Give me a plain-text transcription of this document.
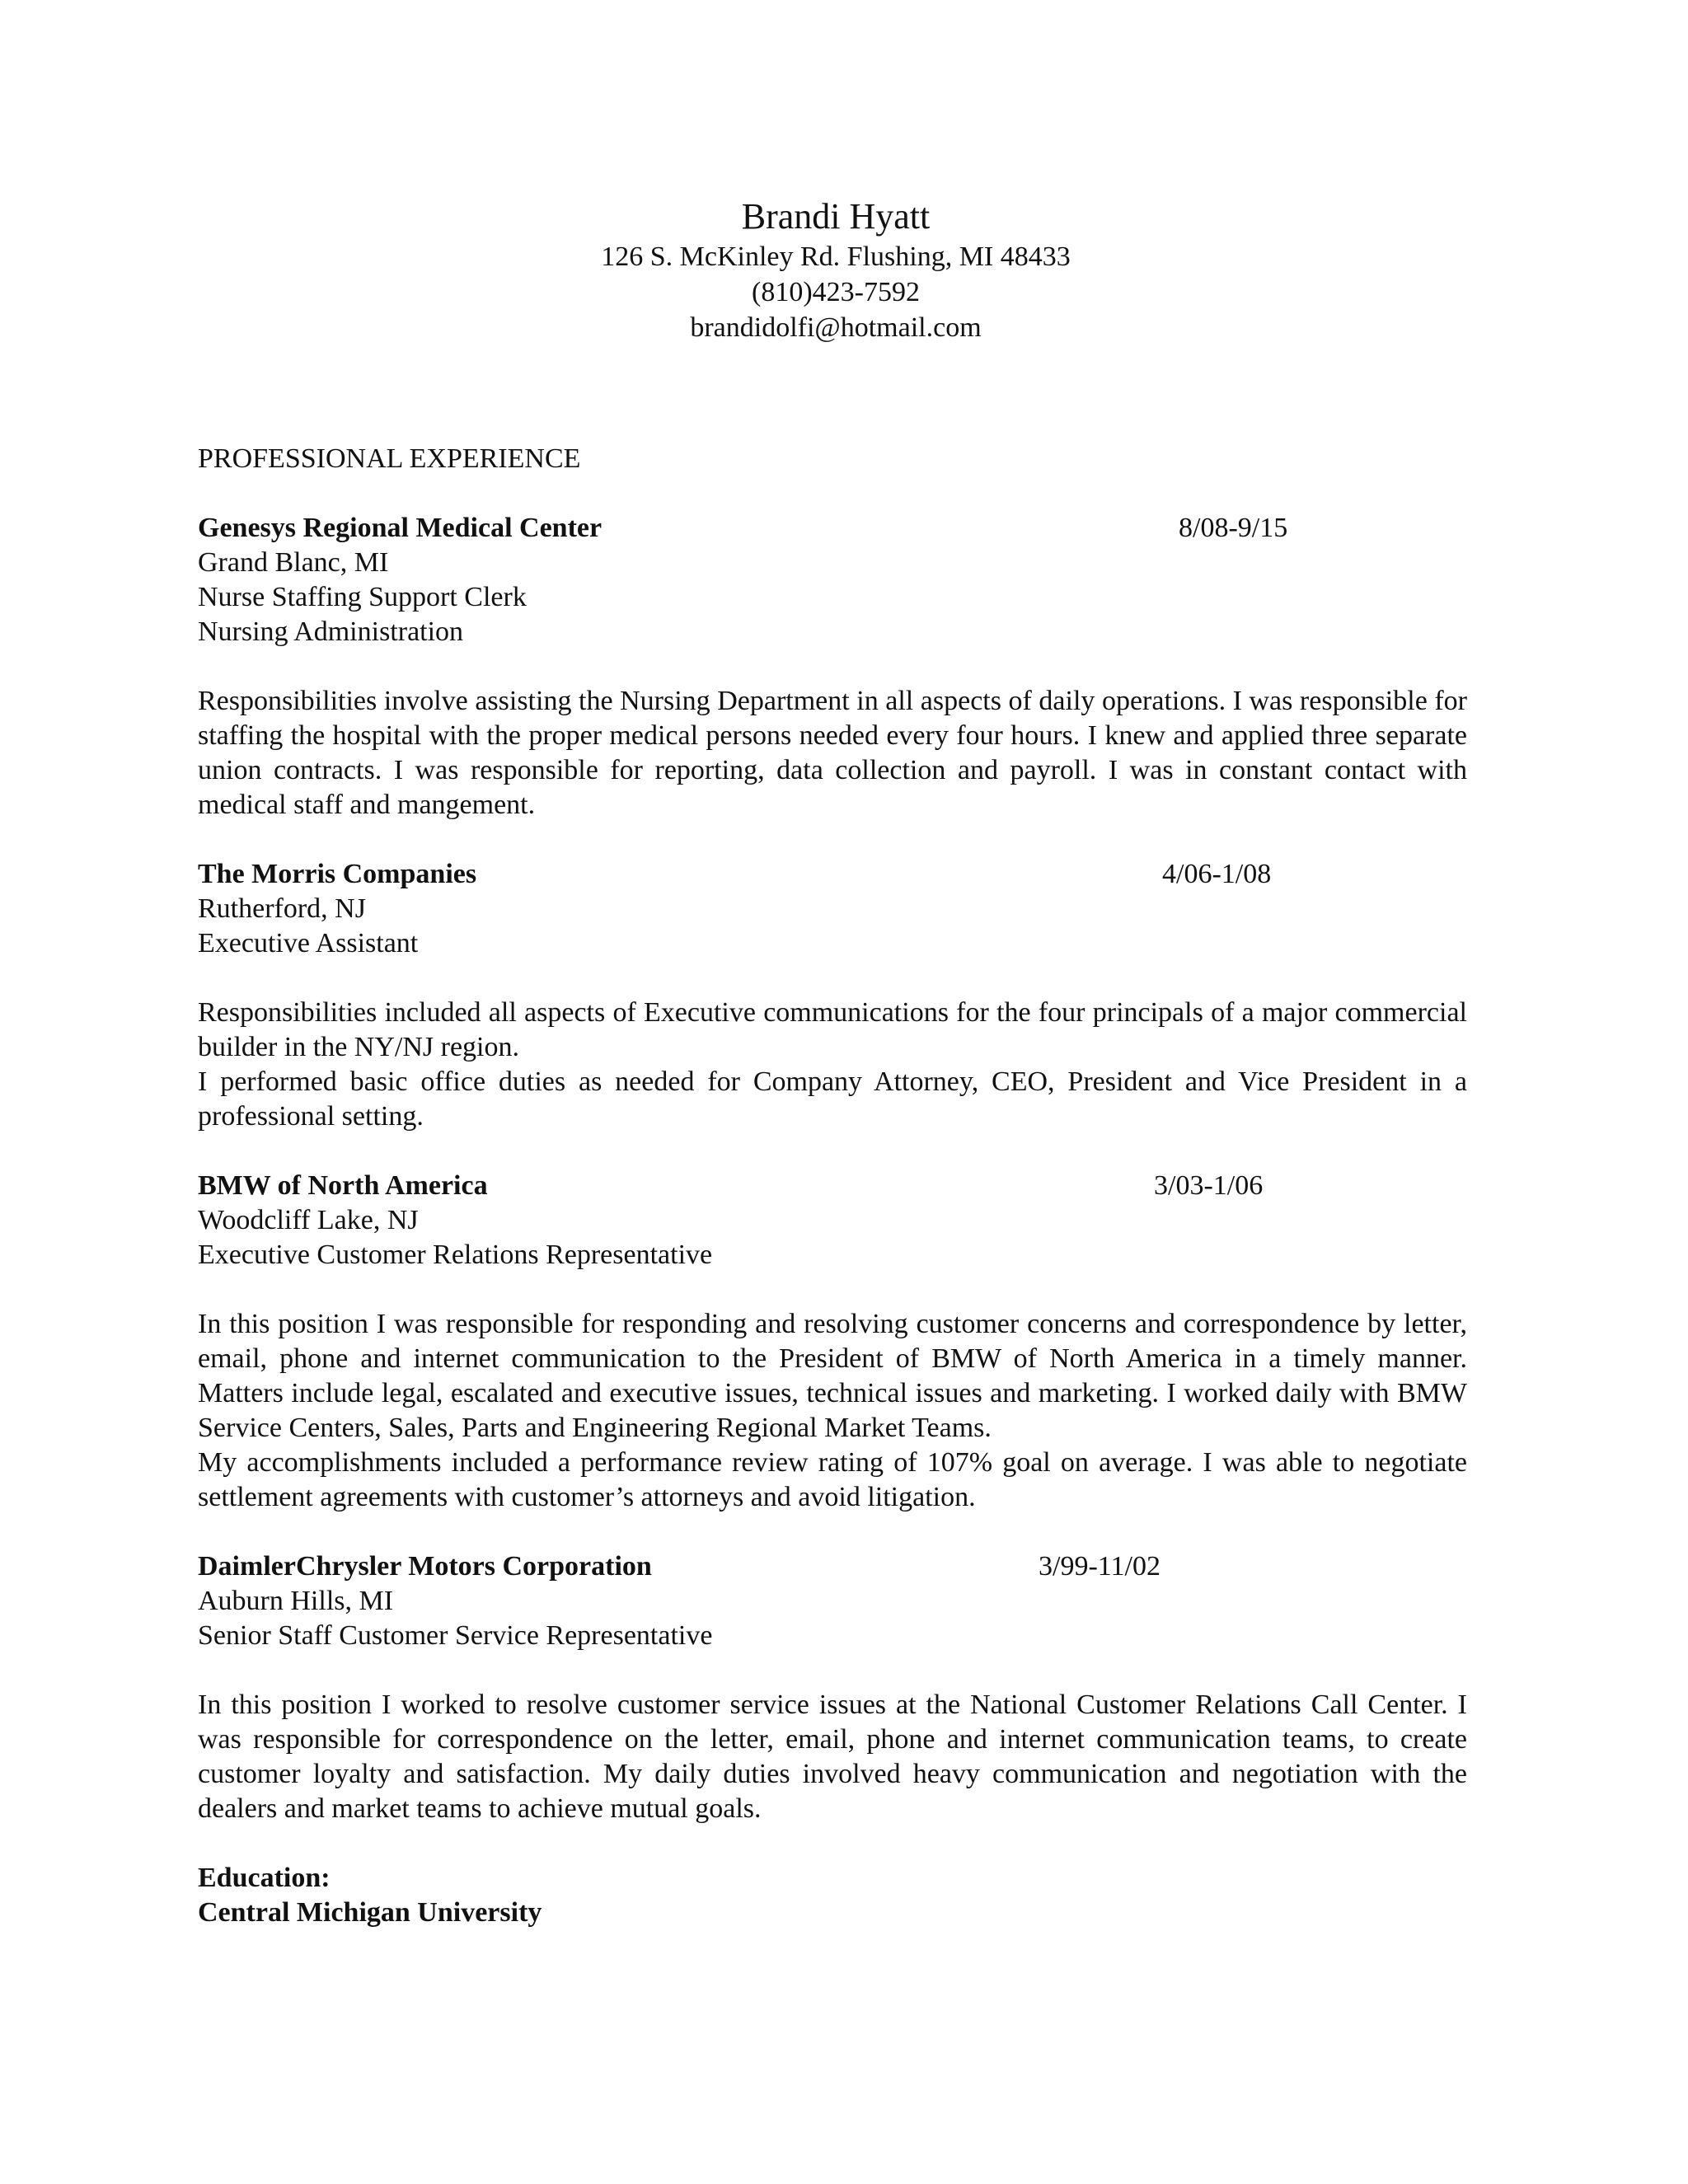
Brandi Hyatt
126 S. McKinley Rd. Flushing, MI 48433
(810)423-7592
brandidolfi@hotmail.com
PROFESSIONAL EXPERIENCE
Genesys Regional Medical Center	8/08-9/15
Grand Blanc, MI
Nurse Staffing Support Clerk
Nursing Administration

Responsibilities involve assisting the Nursing Department in all aspects of daily operations. I was responsible for staffing the hospital with the proper medical persons needed every four hours. I knew and applied three separate union contracts. I was responsible for reporting, data collection and payroll. I was in constant contact with medical staff and mangement.

The Morris Companies	4/06-1/08
Rutherford, NJ
Executive Assistant

Responsibilities included all aspects of Executive communications for the four principals of a major commercial builder in the NY/NJ region.

I performed basic office duties as needed for Company Attorney, CEO, President and Vice President in a professional setting.

BMW of North America	3/03-1/06
Woodcliff Lake, NJ
Executive Customer Relations Representative

In this position I was responsible for responding and resolving customer concerns and correspondence by letter, email, phone and internet communication to the President of BMW of North America in a timely manner. Matters include legal, escalated and executive issues, technical issues and marketing. I worked daily with BMW Service Centers, Sales, Parts and Engineering Regional Market Teams.

My accomplishments included a performance review rating of 107% goal on average. I was able to negotiate settlement agreements with customer’s attorneys and avoid litigation.

DaimlerChrysler Motors Corporation	3/99-11/02
Auburn Hills, MI
Senior Staff Customer Service Representative

In this position I worked to resolve customer service issues at the National Customer Relations Call Center. I was responsible for correspondence on the letter, email, phone and internet communication teams, to create customer loyalty and satisfaction. My daily duties involved heavy communication and negotiation with the dealers and market teams to achieve mutual goals.

Education:
Central Michigan University
